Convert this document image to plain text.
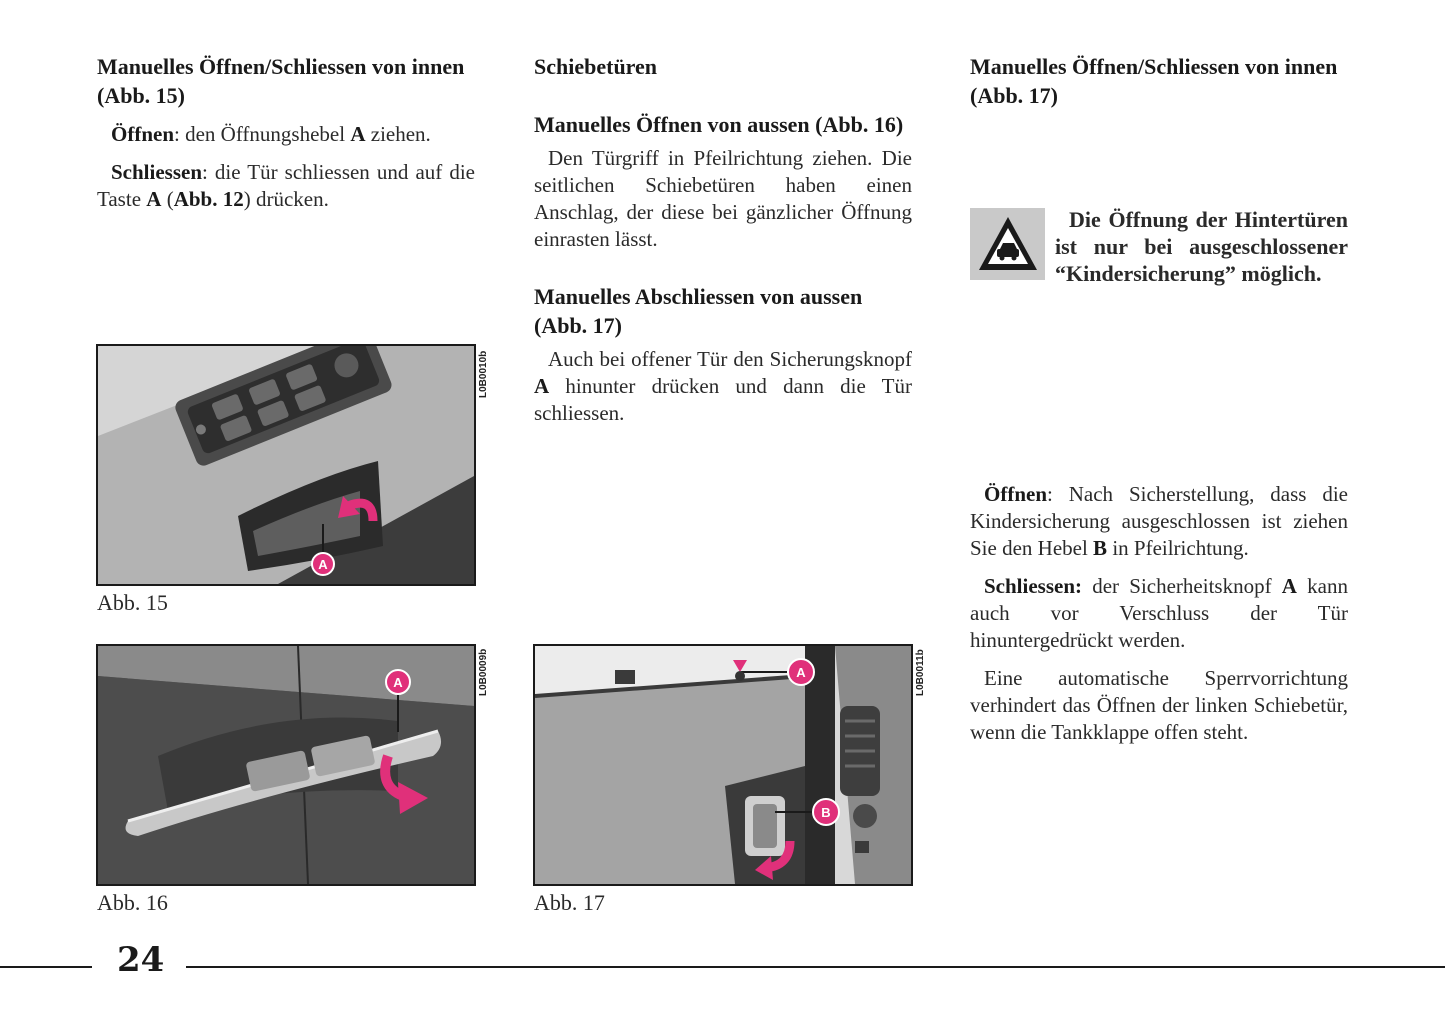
Manuelles Öffnen/Schliessen von innen (Abb. 15)

Öffnen: den Öffnungshebel A ziehen.

Schliessen: die Tür schliessen und auf die Taste A (Abb. 12) drücken.

Schiebetüren
Manuelles Öffnen von aussen (Abb. 16)

Den Türgriff in Pfeilrichtung ziehen. Die seitlichen Schiebetüren haben einen Anschlag, der diese bei gänzlicher Öffnung einrasten lässt.

Manuelles Abschliessen von aussen (Abb. 17)

Auch bei offener Tür den Sicherungsknopf A hinunter drücken und dann die Tür schliessen.

Manuelles Öffnen/Schliessen von innen (Abb. 17)

Die Öffnung der Hintertüren ist nur bei ausgeschlossener “Kindersicherung” möglich.

Öffnen: Nach Sicherstellung, dass die Kindersicherung ausgeschlossen ist ziehen Sie den Hebel B in Pfeilrichtung.

Schliessen: der Sicherheitsknopf A kann auch vor Verschluss der Tür hinuntergedrückt werden.

Eine automatische Sperrvorrichtung verhindert das Öffnen der linken Schiebetür, wenn die Tankklappe offen steht.

A
L0B0010b
Abb. 15
A	L0B0009b
Abb. 16
A
B
L0B0011b
Abb. 17
24
